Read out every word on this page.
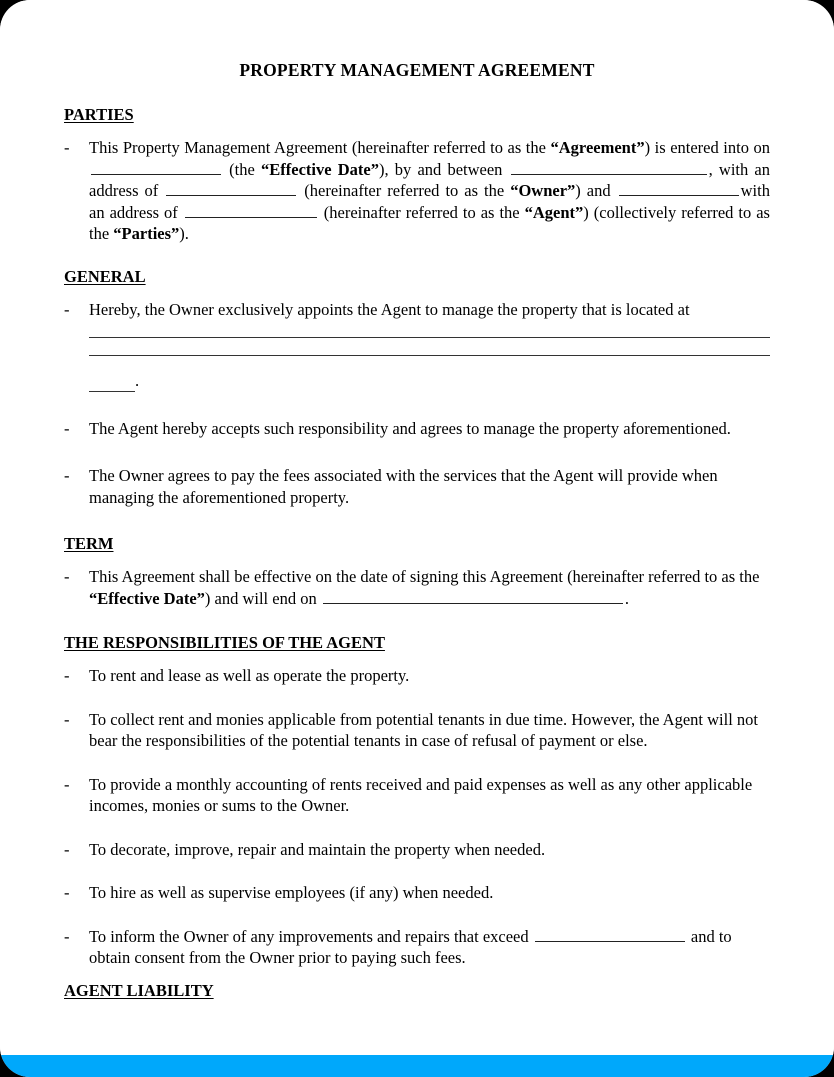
PROPERTY MANAGEMENT AGREEMENT
PARTIES
-	This Property Management Agreement (hereinafter referred to as the “Agreement”) is entered into on  (the “Effective Date”), by and between	, with an address of	(hereinafter referred to as the “Owner”) and	with an address of	(hereinafter referred to as the “Agent”) (collectively referred to as the “Parties”).
GENERAL
-	Hereby, the Owner exclusively appoints the Agent to manage the property that is located at
.
-	The Agent hereby accepts such responsibility and agrees to manage the property aforementioned.
-	The Owner agrees to pay the fees associated with the services that the Agent will provide when managing the aforementioned property.
TERM
-	This Agreement shall be effective on the date of signing this Agreement (hereinafter referred to as the “Effective Date”) and will end on	.
THE RESPONSIBILITIES OF THE AGENT
-	To rent and lease as well as operate the property.
-	To collect rent and monies applicable from potential tenants in due time. However, the Agent will not bear the responsibilities of the potential tenants in case of refusal of payment or else.
-	To provide a monthly accounting of rents received and paid expenses as well as any other applicable incomes, monies or sums to the Owner.
-	To decorate, improve, repair and maintain the property when needed.
-	To hire as well as supervise employees (if any) when needed.
-	To inform the Owner of any improvements and repairs that exceed	and to obtain consent from the Owner prior to paying such fees.
AGENT LIABILITY
